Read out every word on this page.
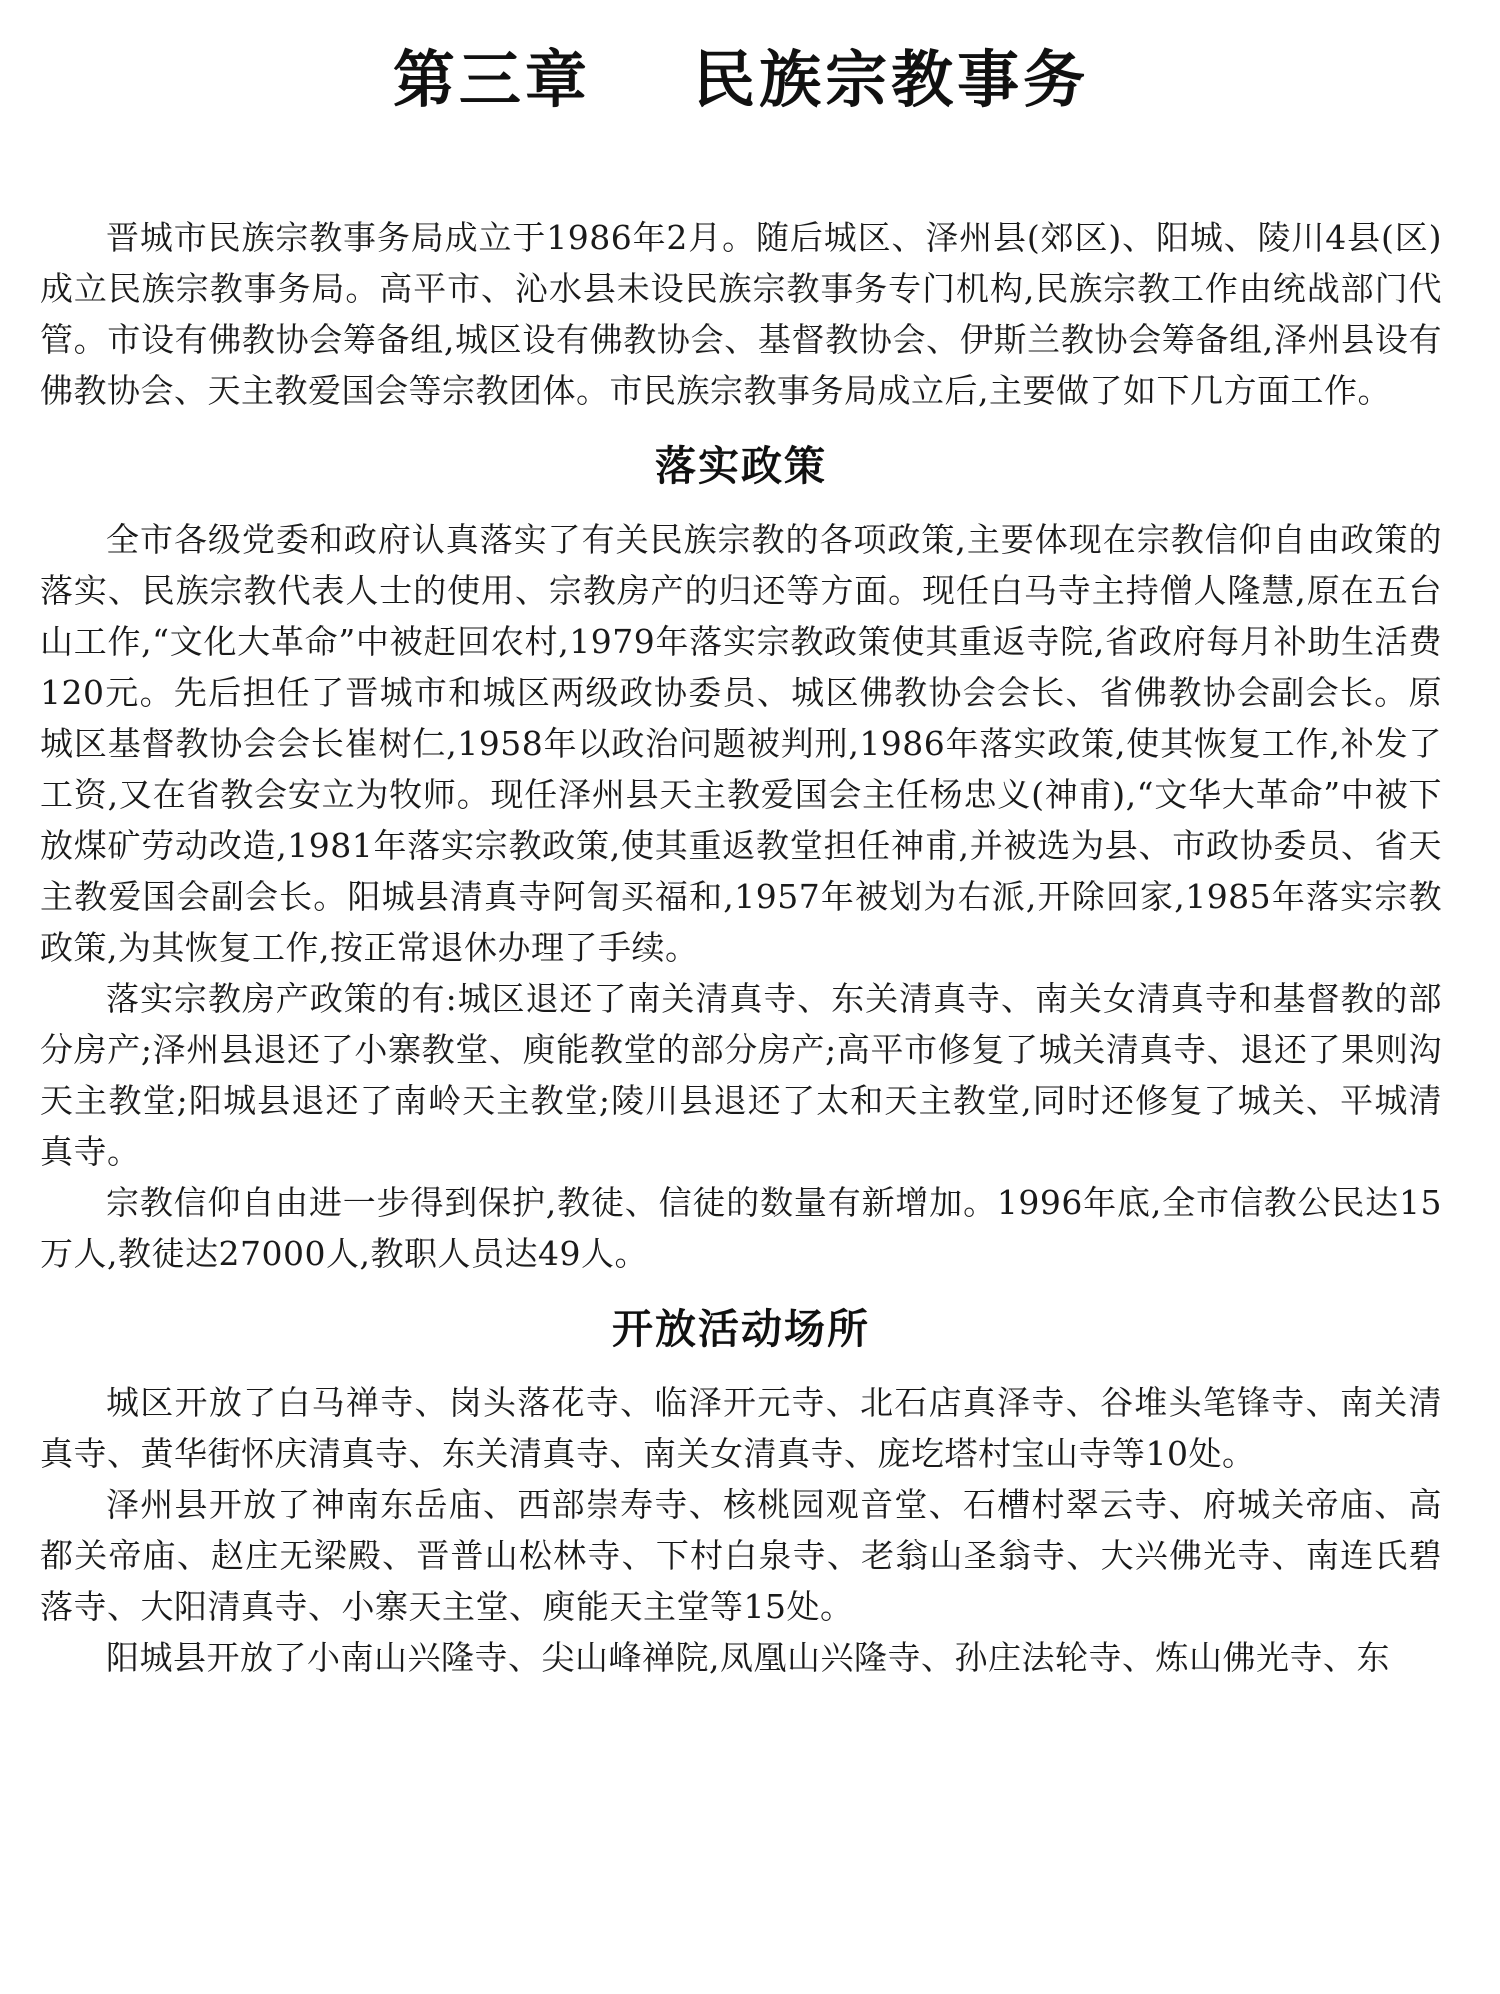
第三章    民族宗教事务

晋城市民族宗教事务局成立于1986年2月。随后城区、泽州县(郊区)、阳城、陵川4县(区)成立民族宗教事务局。高平市、沁水县未设民族宗教事务专门机构,民族宗教工作由统战部门代管。市设有佛教协会筹备组,城区设有佛教协会、基督教协会、伊斯兰教协会筹备组,泽州县设有佛教协会、天主教爱国会等宗教团体。市民族宗教事务局成立后,主要做了如下几方面工作。

落实政策

全市各级党委和政府认真落实了有关民族宗教的各项政策,主要体现在宗教信仰自由政策的落实、民族宗教代表人士的使用、宗教房产的归还等方面。现任白马寺主持僧人隆慧,原在五台山工作,“文化大革命”中被赶回农村,1979年落实宗教政策使其重返寺院,省政府每月补助生活费120元。先后担任了晋城市和城区两级政协委员、城区佛教协会会长、省佛教协会副会长。原城区基督教协会会长崔树仁,1958年以政治问题被判刑,1986年落实政策,使其恢复工作,补发了工资,又在省教会安立为牧师。现任泽州县天主教爱国会主任杨忠义(神甫),“文华大革命”中被下放煤矿劳动改造,1981年落实宗教政策,使其重返教堂担任神甫,并被选为县、市政协委员、省天主教爱国会副会长。阳城县清真寺阿訇买福和,1957年被划为右派,开除回家,1985年落实宗教政策,为其恢复工作,按正常退休办理了手续。

落实宗教房产政策的有:城区退还了南关清真寺、东关清真寺、南关女清真寺和基督教的部分房产;泽州县退还了小寨教堂、庾能教堂的部分房产;高平市修复了城关清真寺、退还了果则沟天主教堂;阳城县退还了南岭天主教堂;陵川县退还了太和天主教堂,同时还修复了城关、平城清真寺。

宗教信仰自由进一步得到保护,教徒、信徒的数量有新增加。1996年底,全市信教公民达15万人,教徒达27000人,教职人员达49人。

开放活动场所

城区开放了白马禅寺、岗头落花寺、临泽开元寺、北石店真泽寺、谷堆头笔锋寺、南关清真寺、黄华街怀庆清真寺、东关清真寺、南关女清真寺、庞圪塔村宝山寺等10处。

泽州县开放了神南东岳庙、西部崇寿寺、核桃园观音堂、石槽村翠云寺、府城关帝庙、高都关帝庙、赵庄无梁殿、晋普山松林寺、下村白泉寺、老翁山圣翁寺、大兴佛光寺、南连氏碧落寺、大阳清真寺、小寨天主堂、庾能天主堂等15处。

阳城县开放了小南山兴隆寺、尖山峰禅院,凤凰山兴隆寺、孙庄法轮寺、炼山佛光寺、东
